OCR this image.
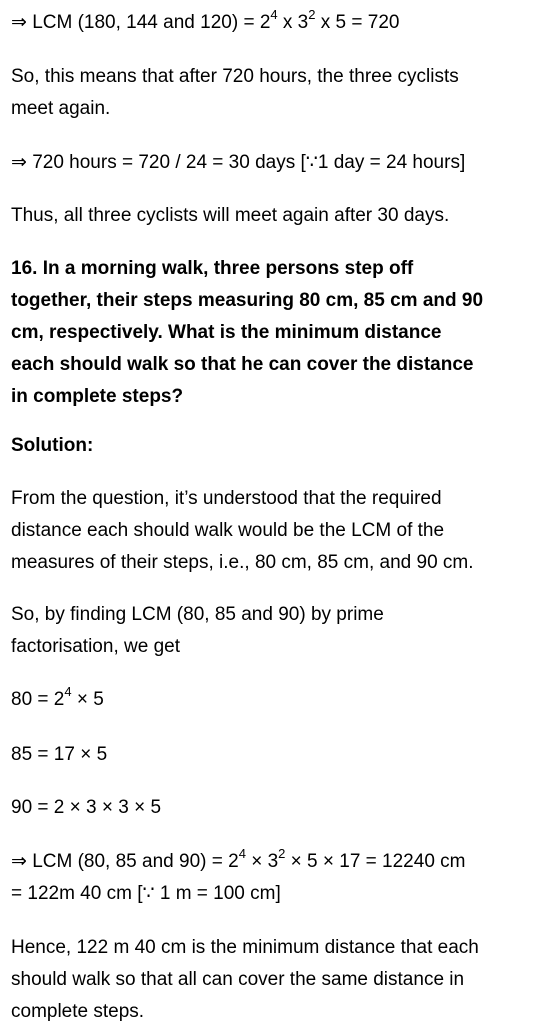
⇒ LCM (180, 144 and $120) = 2^4$ x $3^2$ x 5 = 720
So, this means that after 720 hours, the three cyclists
meet again.
⇒ 720 hours = 720 / 24 = 30 days [∵1 day = 24 hours]
Thus, all three cyclists will meet again after 30 days.
16. In a morning walk, three persons step off
together, their steps measuring 80 cm, 85 cm and 90
cm, respectively. What is the minimum distance
each should walk so that he can cover the distance
in complete steps?
Solution:
From the question, it’s understood that the required
distance each should walk would be the LCM of the
measures of their steps, i.e., 80 cm, 85 cm, and 90 cm.
So, by finding LCM (80, 85 and 90) by prime
factorisation, we get
$80 = 2^4 \times 5$
85 = 17 × 5
90 = 2 × 3 × 3 × 5
⇒ LCM (80, 85 and $90) = 2^4 \times 3^2 \times 5 \times 17 = 12240$ cm
= 122m 40 cm [∵ 1 m = 100 cm]
Hence, 122 m 40 cm is the minimum distance that each
should walk so that all can cover the same distance in
complete steps.
